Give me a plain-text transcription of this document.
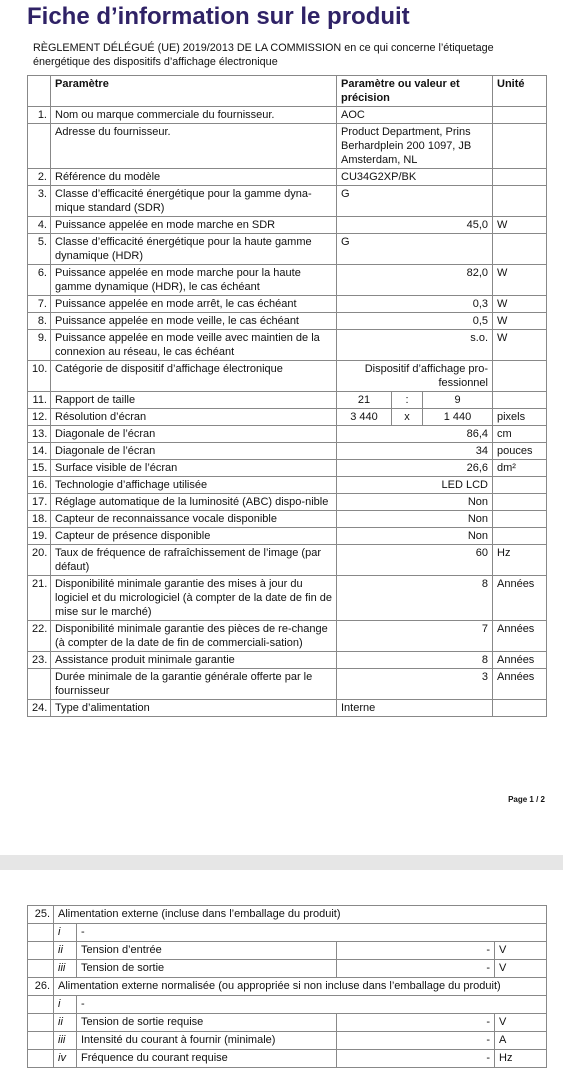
Fiche d’information sur le produit
RÈGLEMENT DÉLÉGUÉ (UE) 2019/2013 DE LA COMMISSION en ce qui concerne l’étiquetage énergétique des dispositifs d’affichage électronique
	Paramètre	Paramètre ou valeur et précision			Unité
1.	Nom ou marque commerciale du fournisseur.	AOC			
	Adresse du fournisseur.	Product Department, Prins Berhardplein 200 1097, JB Amsterdam, NL			
2.	Référence du modèle	CU34G2XP/BK			
3.	Classe d’efficacité énergétique pour la gamme dyna-mique standard (SDR)	G			
4.	Puissance appelée en mode marche en SDR	45,0			W
5.	Classe d’efficacité énergétique pour la haute gamme dynamique (HDR)	G			
6.	Puissance appelée en mode marche pour la haute gamme dynamique (HDR), le cas échéant	82,0			W
7.	Puissance appelée en mode arrêt, le cas échéant	0,3			W
8.	Puissance appelée en mode veille, le cas échéant	0,5			W
9.	Puissance appelée en mode veille avec maintien de la connexion au réseau, le cas échéant	s.o.			W
10.	Catégorie de dispositif d’affichage électronique	Dispositif d’affichage pro-fessionnel			
11.	Rapport de taille	21	:	9	
12.	Résolution d’écran	3 440	x	1 440	pixels
13.	Diagonale de l’écran	86,4			cm
14.	Diagonale de l’écran	34			pouces
15.	Surface visible de l’écran	26,6			dm²
16.	Technologie d’affichage utilisée	LED LCD			
17.	Réglage automatique de la luminosité (ABC) dispo-nible	Non			
18.	Capteur de reconnaissance vocale disponible	Non			
19.	Capteur de présence disponible	Non			
20.	Taux de fréquence de rafraîchissement de l’image (par défaut)	60			Hz
21.	Disponibilité minimale garantie des mises à jour du logiciel et du micrologiciel (à compter de la date de fin de mise sur le marché)	8			Années
22.	Disponibilité minimale garantie des pièces de re-change (à compter de la date de fin de commerciali-sation)	7			Années
23.	Assistance produit minimale garantie	8			Années
	Durée minimale de la garantie générale offerte par le fournisseur	3			Années
24.	Type d’alimentation	Interne			
Page 1 / 2
25.	Alimentation externe (incluse dans l’emballage du produit)			
	i	-		
	ii	Tension d’entrée	-	V
	iii	Tension de sortie	-	V
26.	Alimentation externe normalisée (ou appropriée si non incluse dans l’emballage du produit)			
	i	-		
	ii	Tension de sortie requise	-	V
	iii	Intensité du courant à fournir (minimale)	-	A
	iv	Fréquence du courant requise	-	Hz
